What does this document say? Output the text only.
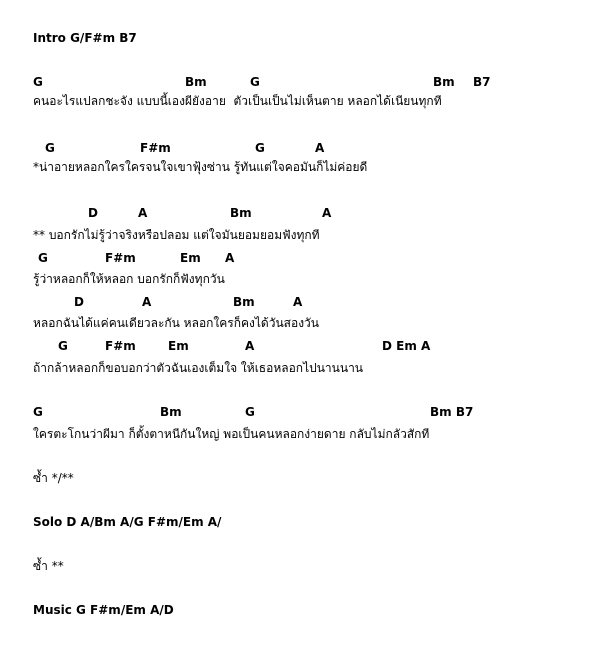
Intro G/F#m B7
G	Bm	G	Bm B7
คนอะไรแปลกชะจัง แบบนี้เองผียังอาย  ตัวเป็นเป็นไม่เห็นตาย หลอกได้เนียนทุกที
G	F#m	G	A
*น่าอายหลอกใครใครจนใจเขาฟุ้งซ่าน รู้ทันแต่ใจคอมันก็ไม่ค่อยดี
D	A	Bm	A
** บอกรักไม่รู้ว่าจริงหรือปลอม แต่ใจมันยอมยอมฟังทุกที
G	F#m	Em A
รู้ว่าหลอกก็ให้หลอก บอกรักก็ฟังทุกวัน
D	A	Bm	A
หลอกฉันได้แค่คนเดียวละกัน หลอกใครก็คงได้วันสองวัน
G	F#m	Em	A	D Em A
ถ้ากล้าหลอกก็ขอบอกว่าตัวฉันเองเต็มใจ ให้เธอหลอกไปนานนาน
G	Bm	G	Bm B7
ใครตะโกนว่าผีมา ก็ตั้งตาหนีกันใหญ่ พอเป็นคนหลอกง่ายดาย กลับไม่กลัวสักที
ซ้ำ */**
Solo D A/Bm A/G F#m/Em A/
ซ้ำ **
Music G F#m/Em A/D
